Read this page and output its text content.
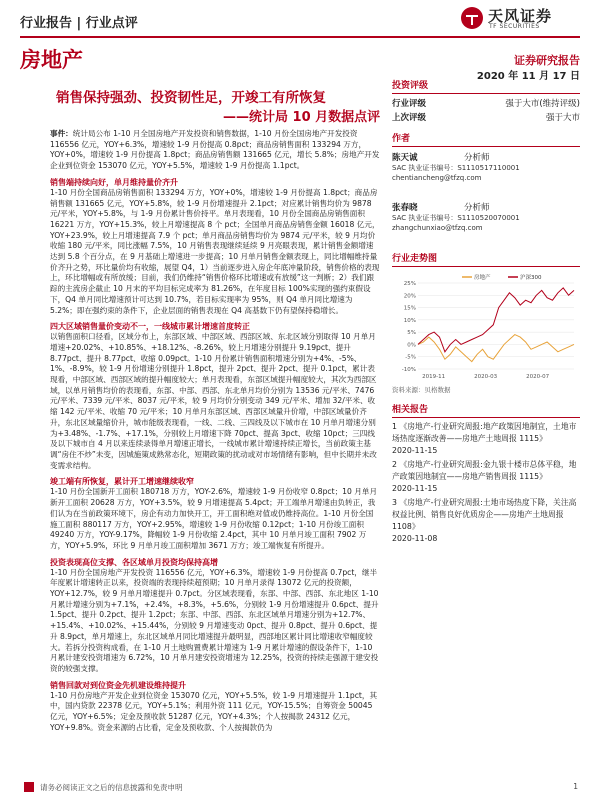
行业报告 | 行业点评	天风证券
TF SECURITIES
房地产	证券研究报告
2020 年 11 月 17 日
销售保持强劲、投资韧性足，开竣工有所恢复
——统计局 10 月数据点评

事件：统计局公布 1-10 月全国房地产开发投资和销售数据，1-10 月份全国房地产开发投资 116556 亿元，YOY+6.3%，增速较 1-9 月份提高 0.8pct；商品房销售面积 133294 万方，YOY+0%，增速较 1-9 月份提高 1.8pct；商品房销售额 131665 亿元，增长 5.8%；房地产开发企业到位资金 153070 亿元，YOY+5.5%，增速较 1-9 月份提高 1.1pct。

销售端持续向好，单月维持量价齐升

1-10 月份全国商品房销售面积 133294 万方，YOY+0%，增速较 1-9 月份提高 1.8pct；商品房销售额 131665 亿元，YOY+5.8%，较 1-9 月份增速提升 2.1pct；对应累计销售均价为 9878 元/平米，YOY+5.8%，与 1-9 月份累计售价持平。单月表现看，10 月份全国商品房销售面积 16221 万方，YOY+15.3%，较上月增速提高 8 个 pct；全国单月商品房销售金额 16018 亿元，YOY+23.9%，较上月增速提高 7.9 个 pct；单月商品房销售均价为 9874 元/平米，较 9 月均价收缩 180 元/平米，同比涨幅 7.5%，10 月销售表现继续延续 9 月亮眼表现，累计销售金额增速达到 5.8 个百分点，在 9 月基础上增速进一步提高；10 月单月销售金额表现上，同比增幅维持量价齐升之势，环比量价均有收缩，展望 Q4，1）当前逐步进入房企年底冲量阶段，销售价格的表现上，环比增幅或有所放缓；目前，我们仍维持“销售价格环比增速或有放缓”这一判断；2）我们跟踪的主流房企截止 10 月末的平均目标完成率为 81.26%，在年度目标 100%实现的强约束假设下，Q4 单月同比增速预计可达到 10.7%，若目标实现率为 95%，则 Q4 单月同比增速为 5.2%；即在强约束的条件下，企业层面的销售表现在 Q4 高基数下仍有望保持稳增长。

四大区域销售量价变动不一，一线城市累计增速首度转正

以销售面积口径看，区域分布上，东部区域、中部区域、西部区域、东北区域分别取得 10 月单月增速+20.02%、+10.85%、+18.12%、-8.26%，较上月增速分别提升 9.19pct、提升 8.77pct、提升 8.77pct、收缩 0.09pct。1-10 月份累计销售面积增速分别为+4%、-5%、1%、-8.9%，较 1-9 月份增速分别提升 1.8pct，提升 2pct、提升 2pct、提升 0.1pct，累计表现看，中部区域、西部区域的提升幅度较大；单月表现看，东部区域提升幅度较大，其次为西部区域，以单月销售均价的表现看，东部、中部、西部、东北单月均价分别为 13536 元/平米、7476 元/平米、7339 元/平米、8037 元/平米，较 9 月均价分别变动 349 元/平米、增加 32/平米、收缩 142 元/平米、收缩 70 元/平米；10 月单月东部区域、西部区域量升价增，中部区域量价齐升，东北区域量缩价升，城市能级表现看，一线、二线、三四线及以下城市在 10 月单月增速分别为+3.48%、-1.7%、+17.1%，分别较上月增速下降 70pct、提高 3pct、收缩 10pct；三四线及以下城市自 4 月以来连续录得单月增速正增长，一线城市累计增速持续正增长，当前政策主基调“房住不炒”未变，因城施策成熟常态化，短期政策的扰动或对市场情绪有影响，但中长期并未改变需求结构。

竣工端有所恢复，累计开工增速继续收窄

1-10 月份全国新开工面积 180718 万方，YOY-2.6%，增速较 1-9 月份收窄 0.8pct；10 月单月新开工面积 20628 万方，YOY+3.5%，较 9 月增速提高 5.4pct；开工端单月增速由负转正，我们认为在当前政策环境下，房企有动力加快开工，开工面积绝对值或仍维持高位。1-10 月份全国施工面积 880117 万方，YOY+2.95%，增速较 1-9 月份收缩 0.12pct；1-10 月份竣工面积 49240 万方，YOY-9.17%，降幅较 1-9 月份收缩 2.4pct，其中 10 月单月竣工面积 7902 万方，YOY+5.9%，环比 9 月单月竣工面积增加 3671 万方；竣工端恢复有所提升。

投资表现高位支撑、各区域单月投资均保持高增

1-10 月份全国房地产开发投资 116556 亿元，YOY+6.3%，增速较 1-9 月份提高 0.7pct，继半年度累计增速转正以来，投资端的表现持续超预期；10 月单月录得 13072 亿元的投资额，YOY+12.7%，较 9 月单月增速提升 0.7pct。分区域表现看，东部、中部、西部、东北地区 1-10 月累计增速分别为+7.1%，+2.4%，+8.3%，+5.6%，分别较 1-9 月份增速提升 0.6pct、提升 1.5pct、提升 0.2pct、提升 1.2pct；东部、中部、西部、东北区域单月增速分别为+12.7%、+15.4%、+10.02%、+15.44%，分别较 9 月增速变动 0pct、提升 0.8pct、提升 0.6pct、提升 8.9pct，单月增速上，东北区域单月同比增速提升最明显，西部地区累计同比增速收窄幅度较大。若拆分投资构成看，在 1-10 月土地购置费累计增速为 1-9 月累计增速的假设条件下，1-10 月累计建安投资增速为 6.72%，10 月单月建安投资增速为 12.25%，投资的持续走强源于建安投资的较强支撑。

销售回款对到位资金先机建设维持提升

1-10 月份房地产开发企业到位资金 153070 亿元，YOY+5.5%，较 1-9 月增速提升 1.1pct，其中，国内贷款 22378 亿元，YOY+5.1%；利用外资 111 亿元，YOY-15.5%；自筹资金 50045 亿元，YOY+6.5%；定金及预收款 51287 亿元，YOY+4.3%；个人按揭款 24312 亿元，YOY+9.8%。资金来源的占比看，定金及预收款、个人按揭款仍为

投资评级
行业评级	强于大市(维持评级)
上次评级	强于大市
作者
陈天诚	分析师
SAC 执业证书编号：S1110517110001
chentiancheng@tfzq.com
张春晓	分析师
SAC 执业证书编号：S1110520070001
zhangchunxiao@tfzq.com
行业走势图
-10%
-5%
0%
5%
10%
15%
20%
25%
2019-11	2020-03	2020-07
房地产	沪深300
资料来源：贝格数据
相关报告
1 《房地产-行业研究周报:地产政策因地制宜，土地市场热度逐渐改善——房地产土地周报 1115》
2020-11-15
2 《房地产-行业研究周报:金九银十楼市总体平稳，地产政策因地制宜——房地产销售周报 1115》
2020-11-15
3 《房地产-行业研究周报:土地市场热度下降，关注高权益比例、销售良好优质房企——房地产土地周报 1108》
2020-11-08
请务必阅读正文之后的信息披露和免责申明	1
